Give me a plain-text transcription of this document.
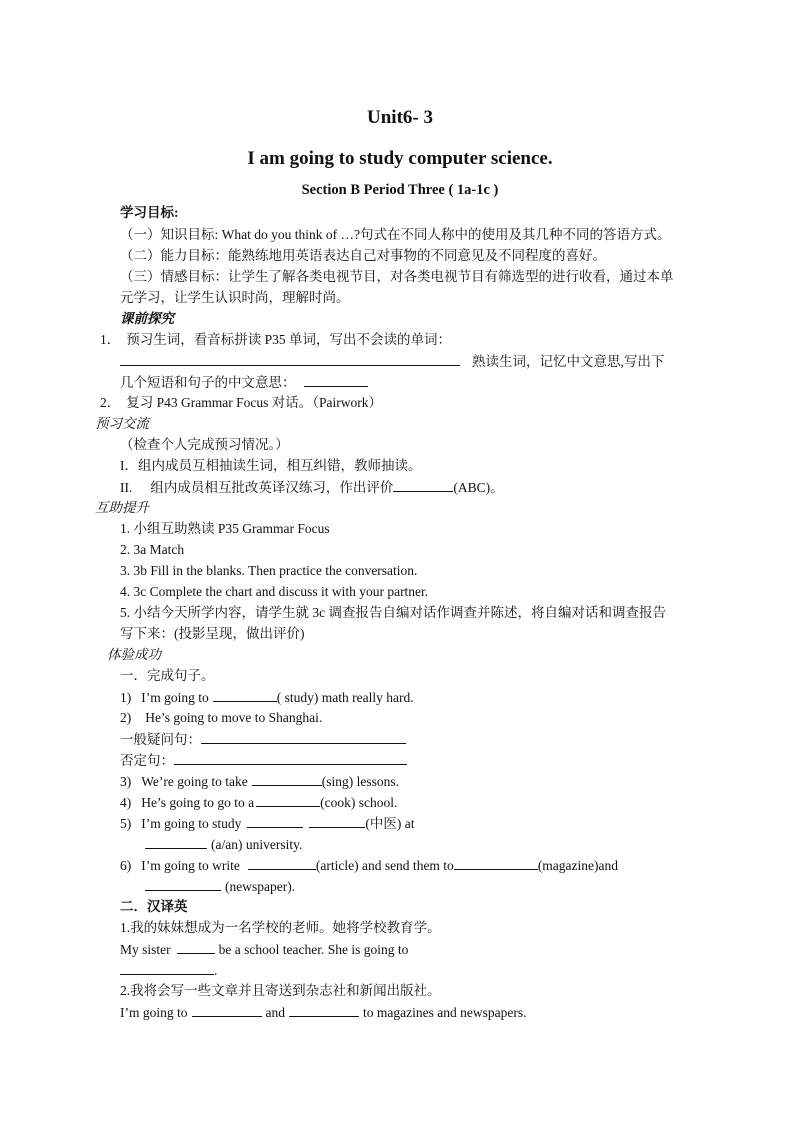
Unit6- 3
I am going to study computer science.
Section B Period Three ( 1a-1c )
学习目标:
（一）知识目标: What do you think of …?句式在不同人称中的使用及其几种不同的答语方式。
（二）能力目标：能熟练地用英语表达自己对事物的不同意见及不同程度的喜好。
（三）情感目标：让学生了解各类电视节目，对各类电视节目有筛选型的进行收看，通过本单
元学习，让学生认识时尚，理解时尚。
课前探究
1． 预习生词，看音标拼读 P35 单词，写出不会读的单词：
熟读生词，记忆中文意思,写出下
几个短语和句子的中文意思：
2． 复习 P43 Grammar Focus 对话。（Pairwork）
预习交流
（检查个人完成预习情况。）
I．组内成员互相抽读生词，相互纠错，教师抽读。
II. 组内成员相互批改英译汉练习，作出评价	(ABC)。
互助提升
1. 小组互助熟读 P35 Grammar Focus
2. 3a Match
3. 3b Fill in the blanks. Then practice the conversation.
4. 3c Complete the chart and discuss it with your partner.
5. 小结今天所学内容，请学生就 3c 调查报告自编对话作调查并陈述，将自编对话和调查报告
写下来：(投影呈现，做出评价)
体验成功
一．完成句子。
1) I’m going to	( study) math really hard.
2) He’s going to move to Shanghai.
一般疑问句：
否定句：
3) We’re going to take	(sing) lessons.
4) He’s going to go to a	(cook) school.
5) I’m going to study	(中医) at
(a/an) university.
6) I’m going to write	(article) and send them to	(magazine)and
(newspaper).
二．汉译英
1.我的妹妹想成为一名学校的老师。她将学校教育学。
My sister	be a school teacher. She is going to
.
2.我将会写一些文章并且寄送到杂志社和新闻出版社。
I’m going to	and	to magazines and newspapers.
